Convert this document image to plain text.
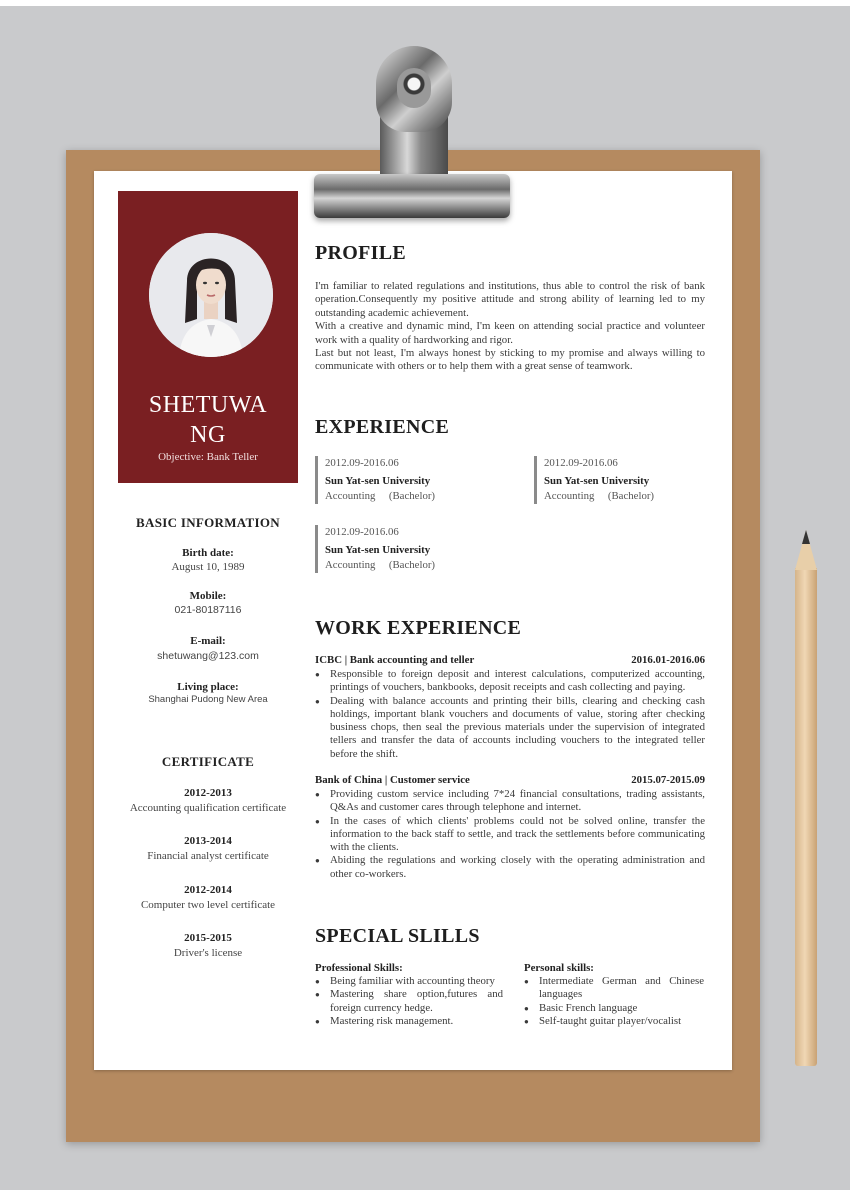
SHETUWA
NG
Objective: Bank Teller
BASIC INFORMATION
Birth date:
August 10, 1989
Mobile:
021-80187116
E-mail:
shetuwang@123.com
Living place:
Shanghai Pudong New Area
CERTIFICATE
2012-2013
Accounting qualification certificate
2013-2014
Financial analyst certificate
2012-2014
Computer two level certificate
2015-2015
Driver's license
PROFILE

I'm familiar to related regulations and institutions, thus able to control the risk of bank operation.Consequently my positive attitude and strong ability of learning led to my outstanding academic achievement.

With a creative and dynamic mind, I'm keen on attending social practice and volunteer work with a quality of hardworking and rigor.

Last but not least, I'm always honest by sticking to my promise and always willing to communicate with others or to help them with a great sense of teamwork.

EXPERIENCE
2012.09-2016.06
Sun Yat-sen University
Accounting     (Bachelor)
2012.09-2016.06
Sun Yat-sen University
Accounting     (Bachelor)
2012.09-2016.06
Sun Yat-sen University
Accounting     (Bachelor)
WORK EXPERIENCE
ICBC | Bank accounting and teller	2016.01-2016.06
● Responsible to foreign deposit and interest calculations, computerized accounting, printings of vouchers, bankbooks, deposit receipts and cash collecting and paying.
● Dealing with balance accounts and printing their bills, clearing and checking cash holdings, important blank vouchers and documents of value, storing after checking business chops, then seal the previous materials under the supervision of integrated tellers and transfer the data of accounts including vouchers to the integrated teller before the shift.
Bank of China | Customer service	2015.07-2015.09
● Providing custom service including 7*24 financial consultations, trading assistants, Q&As and customer cares through telephone and internet.
● In the cases of which clients' problems could not be solved online, transfer the information to the back staff to settle, and track the settlements before communicating with the clients.
● Abiding the regulations and working closely with the operating administration and other co-workers.
SPECIAL SLILLS
Professional Skills:
● Being familiar with accounting theory
● Mastering share option,futures and foreign currency hedge.
● Mastering risk management.
Personal skills:
● Intermediate German and Chinese languages
● Basic French language
● Self-taught guitar player/vocalist
